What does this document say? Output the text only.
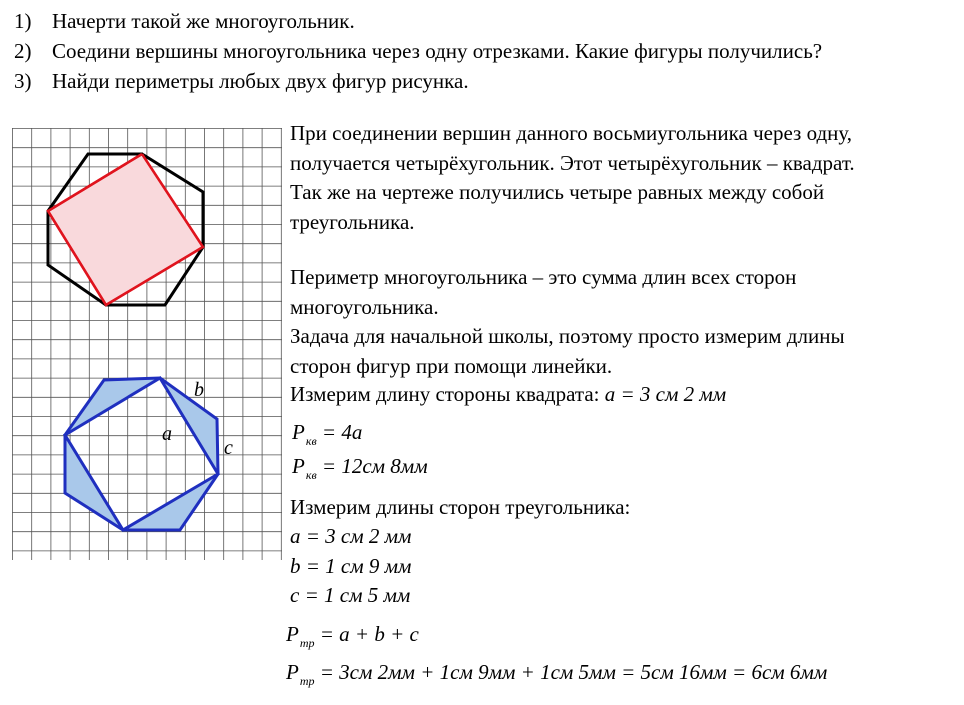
1) Начерти такой же многоугольник.
2) Соедини вершины многоугольника через одну отрезками. Какие фигуры получились?
3) Найди периметры любых двух фигур рисунка.
b
a
c
При соединении вершин данного восьмиугольника через одну,
получается четырёхугольник. Этот четырёхугольник – квадрат.
Так же на чертеже получились четыре равных между собой
треугольника.
Периметр многоугольника – это сумма длин всех сторон
многоугольника.
Задача для начальной школы, поэтому просто измерим длины
сторон фигур при помощи линейки.
Измерим длину стороны квадрата: a = 3 см 2 мм
$P_{кв} = 4a$
$P_{кв} = 12см$ 8мм
Измерим длины сторон треугольника:
a = 3 см 2 мм
b = 1 см 9 мм
c = 1 см 5 мм
$P_{тр} = a + b + c$
$P_{тр} = 3см$ 2мм + 1см 9мм + 1см 5мм = 5см 16мм = 6см 6мм
